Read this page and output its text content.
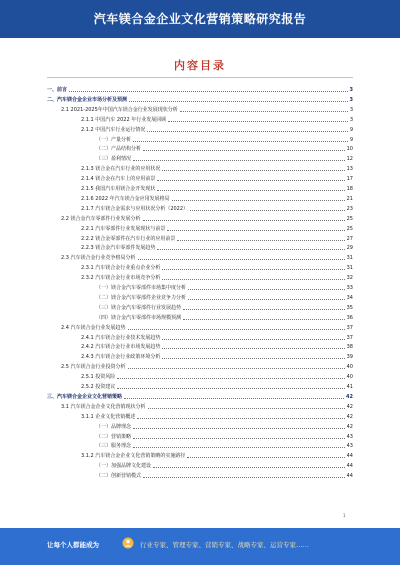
汽车镁合金企业文化营销策略研究报告
内容目录
一、前言	3
二、汽车镁合金企业市场分析及预测	3
2.1 2021-2025年中国汽车镁合金行业发展现状分析	3
2.1.1 中国汽车 2022 年行业发展回顾	3
2.1.2 中国汽车行业运行情况	9
（一）产量分析	9
（二）产品结构分析	10
（三）盈利情况	12
2.1.3 镁合金在汽车行业的应用状况	13
2.1.4 镁合金在汽车上的应用前景	17
2.1.5 我国汽车用镁合金开发现状	18
2.1.6 2022 年汽车镁合金应用发展格局	21
2.1.7 汽车镁合金需求与应用状况分析（2022）	23
2.2 镁合金汽车零部件行业发展分析	25
2.2.1 汽车零部件行业发展现状与前景	25
2.2.2 镁合金零部件在汽车行业的应用前景	27
2.2.3 镁合金汽车零部件发展趋势	29
2.3 汽车镁合金行业竞争格局分析	31
2.3.1 汽车镁合金行业重点企业分析	31
2.3.2 汽车镁合金行业市场竞争分析	32
（一）镁合金汽车零部件市场集中度分析	33
（二）镁合金汽车零部件企业竞争力分析	34
（三）镁合金汽车零部件行业发展趋势	35
（四）镁合金汽车零部件市场规模预测	36
2.4 汽车镁合金行业发展趋势	37
2.4.1 汽车镁合金行业技术发展趋势	37
2.4.2 汽车镁合金行业市场发展趋势	38
2.4.3 汽车镁合金行业政策环境分析	39
2.5 汽车镁合金行业投资分析	40
2.5.1 投资风险	40
2.5.2 投资建议	41
三、汽车镁合金企业文化营销策略	42
3.1 汽车镁合金企业文化营销现状分析	42
3.1.1 企业文化营销概述	42
（一）品牌理念	42
（二）营销策略	43
（三）服务理念	43
3.1.2 汽车镁合金企业文化营销策略的实施路径	44
（一）加强品牌文化建设	44
（二）创新营销模式	44
1
让每个人都能成为	行业专家、管理专家、营销专家、战略专家、运营专家……
